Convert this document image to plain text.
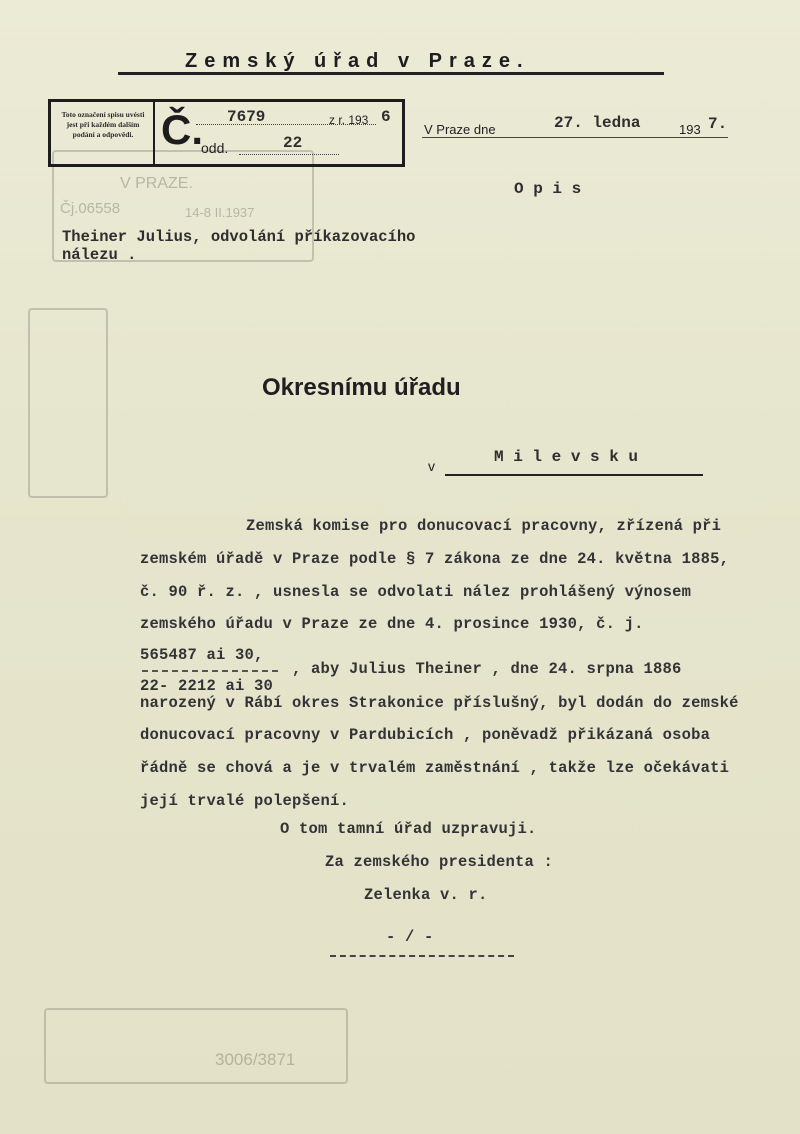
V PRAZE.
14-8 II.1937
Čj.06558
3006/3871
Zemský úřad v Praze.
Toto označení spisu uvésti jest při každém dalším podání a odpovědi. Č. 7679	z r. 193 6
odd.	22
V Praze dne	27. ledna	193 7.
O p i s
Theiner Julius, odvolání příkazovacího
nálezu .
Okresnímu úřadu
v	M i l e v s k u
Zemská komise pro donucovací pracovny, zřízená při
zemském úřadě v Praze podle § 7 zákona ze dne 24. května 1885,
č. 90 ř. z. , usnesla se odvolati nález prohlášený výnosem
zemského úřadu v Praze ze dne 4. prosince 1930, č. j.
565487 ai 30,
22- 2212 ai 30
, aby Julius Theiner , dne 24. srpna 1886
narozený v Rábí okres Strakonice příslušný, byl dodán do zemské
donucovací pracovny v Pardubicích , poněvadž přikázaná osoba
řádně se chová a je v trvalém zaměstnání , takže lze očekávati
její trvalé polepšení.
O tom tamní úřad uzpravuji.
Za zemského presidenta :
Zelenka v. r.
- / -
